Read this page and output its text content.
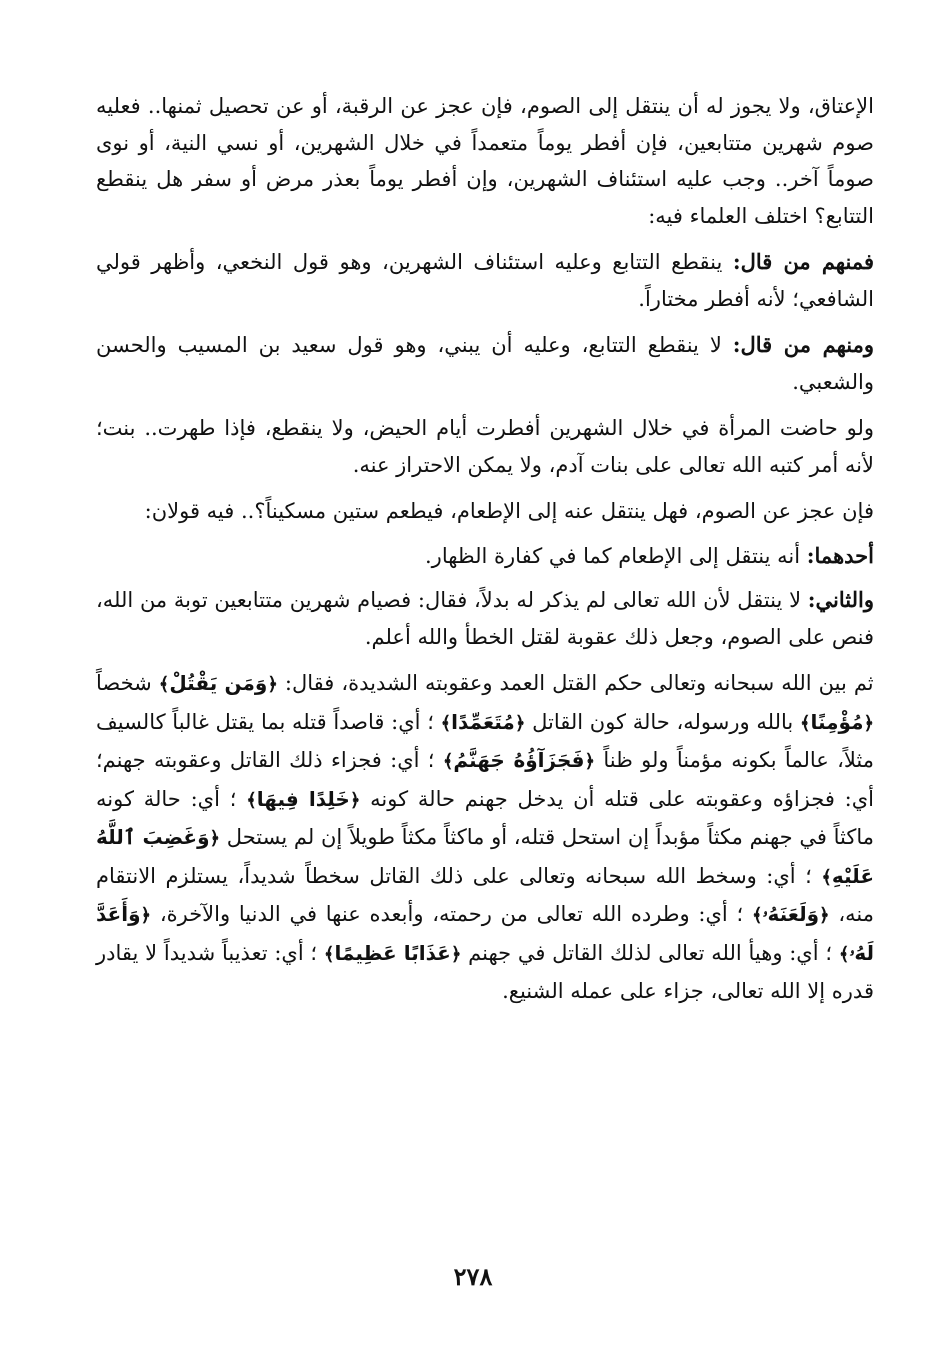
الإعتاق، ولا يجوز له أن ينتقل إلى الصوم، فإن عجز عن الرقبة، أو عن تحصيل ثمنها.. فعليه صوم شهرين متتابعين، فإن أفطر يوماً متعمداً في خلال الشهرين، أو نسي النية، أو نوى صوماً آخر.. وجب عليه استئناف الشهرين، وإن أفطر يوماً بعذر مرض أو سفر هل ينقطع التتابع؟ اختلف العلماء فيه:

فمنهم من قال: ينقطع التتابع وعليه استئناف الشهرين، وهو قول النخعي، وأظهر قولي الشافعي؛ لأنه أفطر مختاراً.

ومنهم من قال: لا ينقطع التتابع، وعليه أن يبني، وهو قول سعيد بن المسيب والحسن والشعبي.

ولو حاضت المرأة في خلال الشهرين أفطرت أيام الحيض، ولا ينقطع، فإذا طهرت.. بنت؛ لأنه أمر كتبه الله تعالى على بنات آدم، ولا يمكن الاحتراز عنه.

فإن عجز عن الصوم، فهل ينتقل عنه إلى الإطعام، فيطعم ستين مسكيناً؟.. فيه قولان:

أحدهما: أنه ينتقل إلى الإطعام كما في كفارة الظهار.

والثاني: لا ينتقل لأن الله تعالى لم يذكر له بدلاً، فقال: فصيام شهرين متتابعين توبة من الله، فنص على الصوم، وجعل ذلك عقوبة لقتل الخطأ والله أعلم.

ثم بين الله سبحانه وتعالى حكم القتل العمد وعقوبته الشديدة، فقال: ﴿وَمَن يَقْتُلْ﴾ شخصاً ﴿مُؤْمِنًا﴾ بالله ورسوله، حالة كون القاتل ﴿مُتَعَمِّدًا﴾ ؛ أي: قاصداً قتله بما يقتل غالباً كالسيف مثلاً، عالماً بكونه مؤمناً ولو ظناً ﴿فَجَزَآؤُهُ جَهَنَّمُ﴾ ؛ أي: فجزاء ذلك القاتل وعقوبته جهنم؛ أي: فجزاؤه وعقوبته على قتله أن يدخل جهنم حالة كونه ﴿خَلِدًا فِيهَا﴾ ؛ أي: حالة كونه ماكثاً في جهنم مكثاً مؤبداً إن استحل قتله، أو ماكثاً مكثاً طويلاً إن لم يستحل ﴿وَغَضِبَ ٱللَّهُ عَلَيْهِ﴾ ؛ أي: وسخط الله سبحانه وتعالى على ذلك القاتل سخطاً شديداً، يستلزم الانتقام منه، ﴿وَلَعَنَهُۥ﴾ ؛ أي: وطرده الله تعالى من رحمته، وأبعده عنها في الدنيا والآخرة، ﴿وَأَعَدَّ لَهُۥ﴾ ؛ أي: وهيأ الله تعالى لذلك القاتل في جهنم ﴿عَذَابًا عَظِيمًا﴾ ؛ أي: تعذيباً شديداً لا يقادر قدره إلا الله تعالى، جزاء على عمله الشنيع.

٢٧٨
